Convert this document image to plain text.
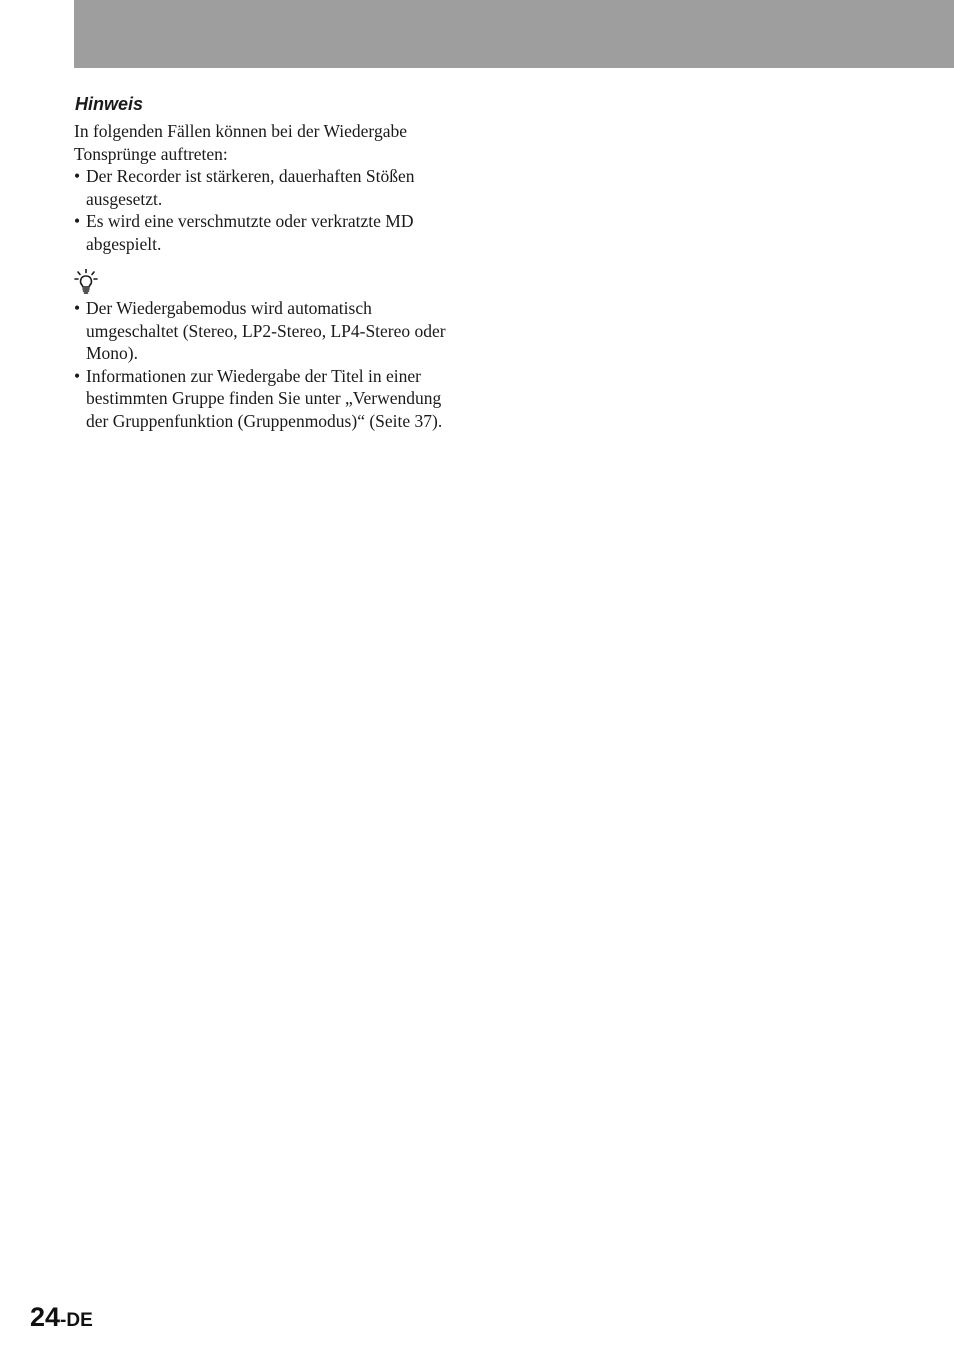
Hinweis

In folgenden Fällen können bei der Wiedergabe Tonsprünge auftreten:

• Der Recorder ist stärkeren, dauerhaften Stößen ausgesetzt.
• Es wird eine verschmutzte oder verkratzte MD abgespielt.
• Der Wiedergabemodus wird automatisch umgeschaltet (Stereo, LP2-Stereo, LP4-Stereo oder Mono).
• Informationen zur Wiedergabe der Titel in einer bestimmten Gruppe finden Sie unter „Verwendung der Gruppenfunktion (Gruppenmodus)“ (Seite 37).
24-DE
